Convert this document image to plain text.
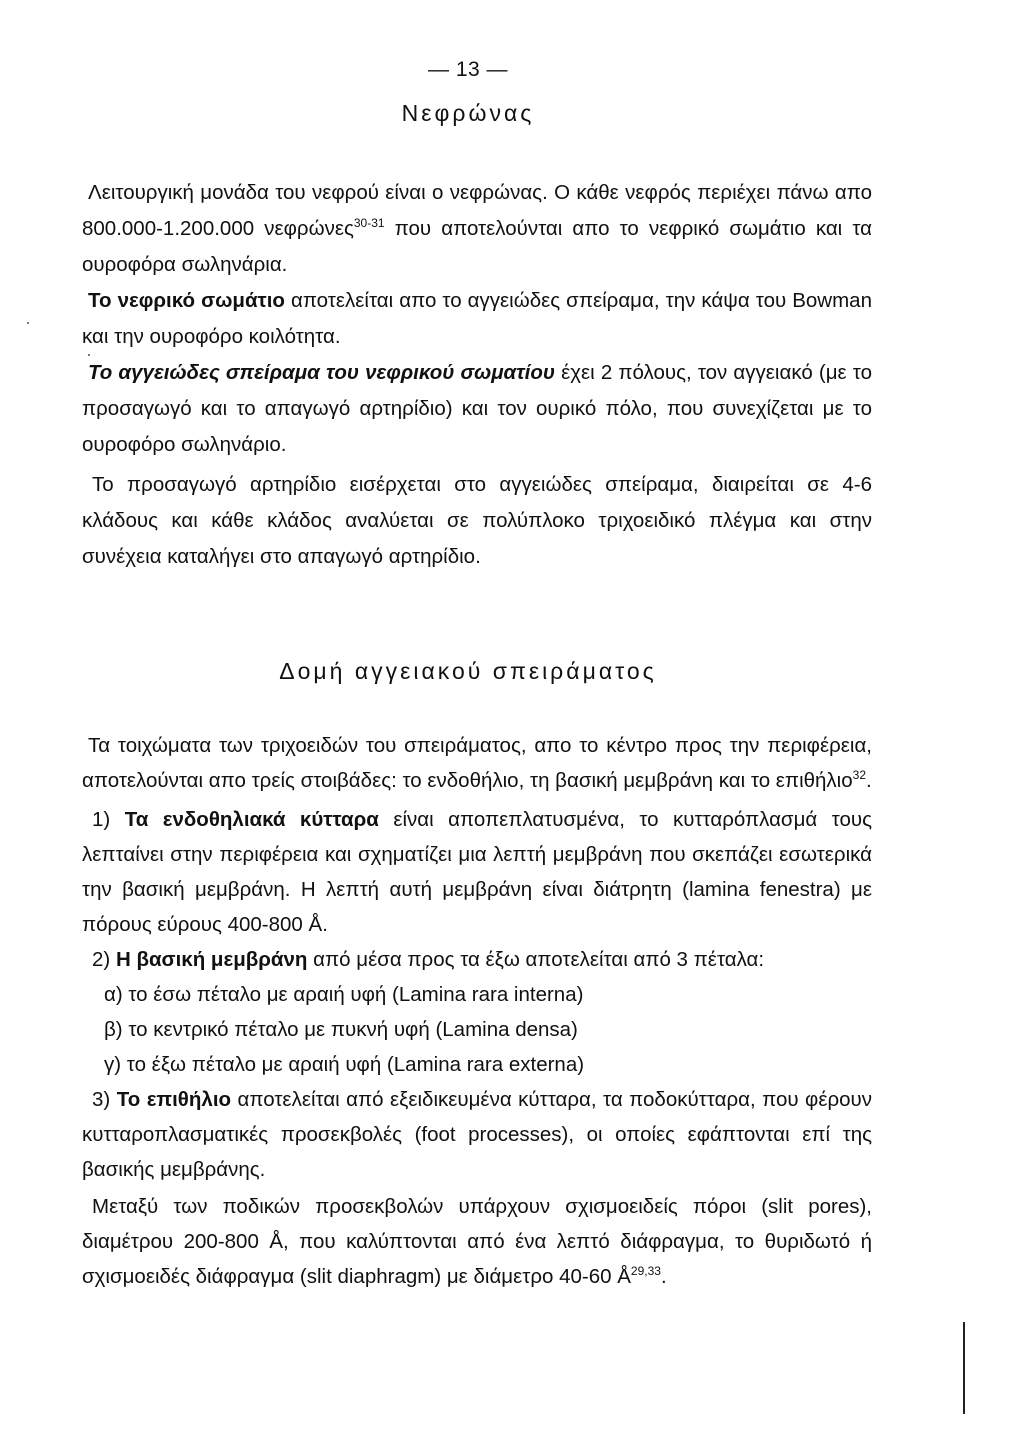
— 13 —
Νεφρώνας

Λειτουργική μονάδα του νεφρού είναι ο νεφρώνας. Ο κάθε νεφρός περιέχει πάνω απο 800.000-1.200.000 νεφρώνες$^{30-31}$ που αποτελούνται απο το νεφρικό σωμάτιο και τα ουροφόρα σωληνάρια.

Το νεφρικό σωμάτιο αποτελείται απο το αγγειώδες σπείραμα, την κάψα του Bowman και την ουροφόρο κοιλότητα.

Το αγγειώδες σπείραμα του νεφρικού σωματίου έχει 2 πόλους, τον αγγειακό (με το προσαγωγό και το απαγωγό αρτηρίδιο) και τον ουρικό πόλο, που συνεχίζεται με το ουροφόρο σωληνάριο.

Το προσαγωγό αρτηρίδιο εισέρχεται στο αγγειώδες σπείραμα, διαιρείται σε 4-6 κλάδους και κάθε κλάδος αναλύεται σε πολύπλοκο τριχοειδικό πλέγμα και στην συνέχεια καταλήγει στο απαγωγό αρτηρίδιο.

Δομή αγγειακού σπειράματος

Τα τοιχώματα των τριχοειδών του σπειράματος, απο το κέντρο προς την περιφέρεια, αποτελούνται απο τρείς στοιβάδες: το ενδοθήλιο, τη βασική μεμβράνη και το επιθήλιο$^{32}$.

1) Τα ενδοθηλιακά κύτταρα είναι αποπεπλατυσμένα, το κυτταρόπλασμά τους λεπταίνει στην περιφέρεια και σχηματίζει μια λεπτή μεμβράνη που σκεπάζει εσωτερικά την βασική μεμβράνη. Η λεπτή αυτή μεμβράνη είναι διάτρητη (lamina fenestra) με πόρους εύρους 400-800 Å.

2) Η βασική μεμβράνη από μέσα προς τα έξω αποτελείται από 3 πέταλα:

α) το έσω πέταλο με αραιή υφή (Lamina rara interna)

β) το κεντρικό πέταλο με πυκνή υφή (Lamina densa)

γ) το έξω πέταλο με αραιή υφή (Lamina rara externa)

3) Το επιθήλιο αποτελείται από εξειδικευμένα κύτταρα, τα ποδοκύτταρα, που φέρουν κυτταροπλασματικές προσεκβολές (foot processes), οι οποίες εφάπτονται επί της βασικής μεμβράνης.

Μεταξύ των ποδικών προσεκβολών υπάρχουν σχισμοειδείς πόροι (slit pores), διαμέτρου 200-800 Å, που καλύπτονται από ένα λεπτό διάφραγμα, το θυριδωτό ή σχισμοειδές διάφραγμα (slit diaphragm) με διάμετρο 40-60 Å$^{29,33}$.
